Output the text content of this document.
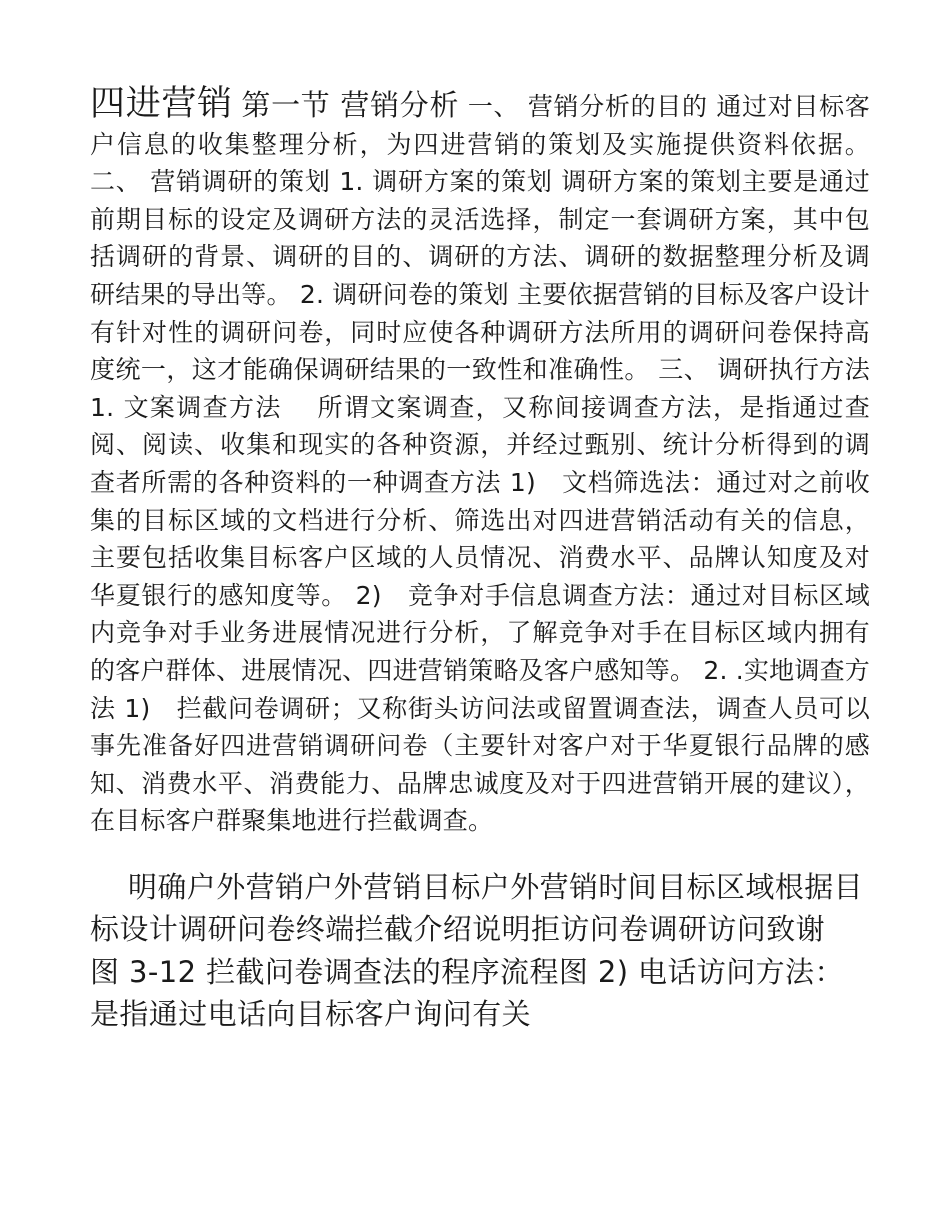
四进营销 第一节 营销分析 一、 营销分析的目的 通过对目标客户信息的收集整理分析，为四进营销的策划及实施提供资料依据。 二、 营销调研的策划 1. 调研方案的策划 调研方案的策划主要是通过前期目标的设定及调研方法的灵活选择，制定一套调研方案，其中包括调研的背景、调研的目的、调研的方法、调研的数据整理分析及调研结果的导出等。 2. 调研问卷的策划 主要依据营销的目标及客户设计有针对性的调研问卷，同时应使各种调研方法所用的调研问卷保持高度统一，这才能确保调研结果的一致性和准确性。 三、 调研执行方法 1. 文案调查方法　 所谓文案调查，又称间接调查方法，是指通过查阅、阅读、收集和现实的各种资源，并经过甄别、统计分析得到的调查者所需的各种资料的一种调查方法 1)　文档筛选法：通过对之前收集的目标区域的文档进行分析、筛选出对四进营销活动有关的信息，主要包括收集目标客户区域的人员情况、消费水平、品牌认知度及对华夏银行的感知度等。 2)　竞争对手信息调查方法：通过对目标区域内竞争对手业务进展情况进行分析，了解竞争对手在目标区域内拥有的客户群体、进展情况、四进营销策略及客户感知等。 2. .实地调查方法 1)　拦截问卷调研；又称街头访问法或留置调查法，调查人员可以事先准备好四进营销调研问卷（主要针对客户对于华夏银行品牌的感知、消费水平、消费能力、品牌忠诚度及对于四进营销开展的建议），在目标客户群聚集地进行拦截调查。

明确户外营销户外营销目标户外营销时间目标区域根据目标设计调研问卷终端拦截介绍说明拒访问卷调研访问致谢　图 3-12 拦截问卷调查法的程序流程图 2) 电话访问方法：是指通过电话向目标客户询问有关
